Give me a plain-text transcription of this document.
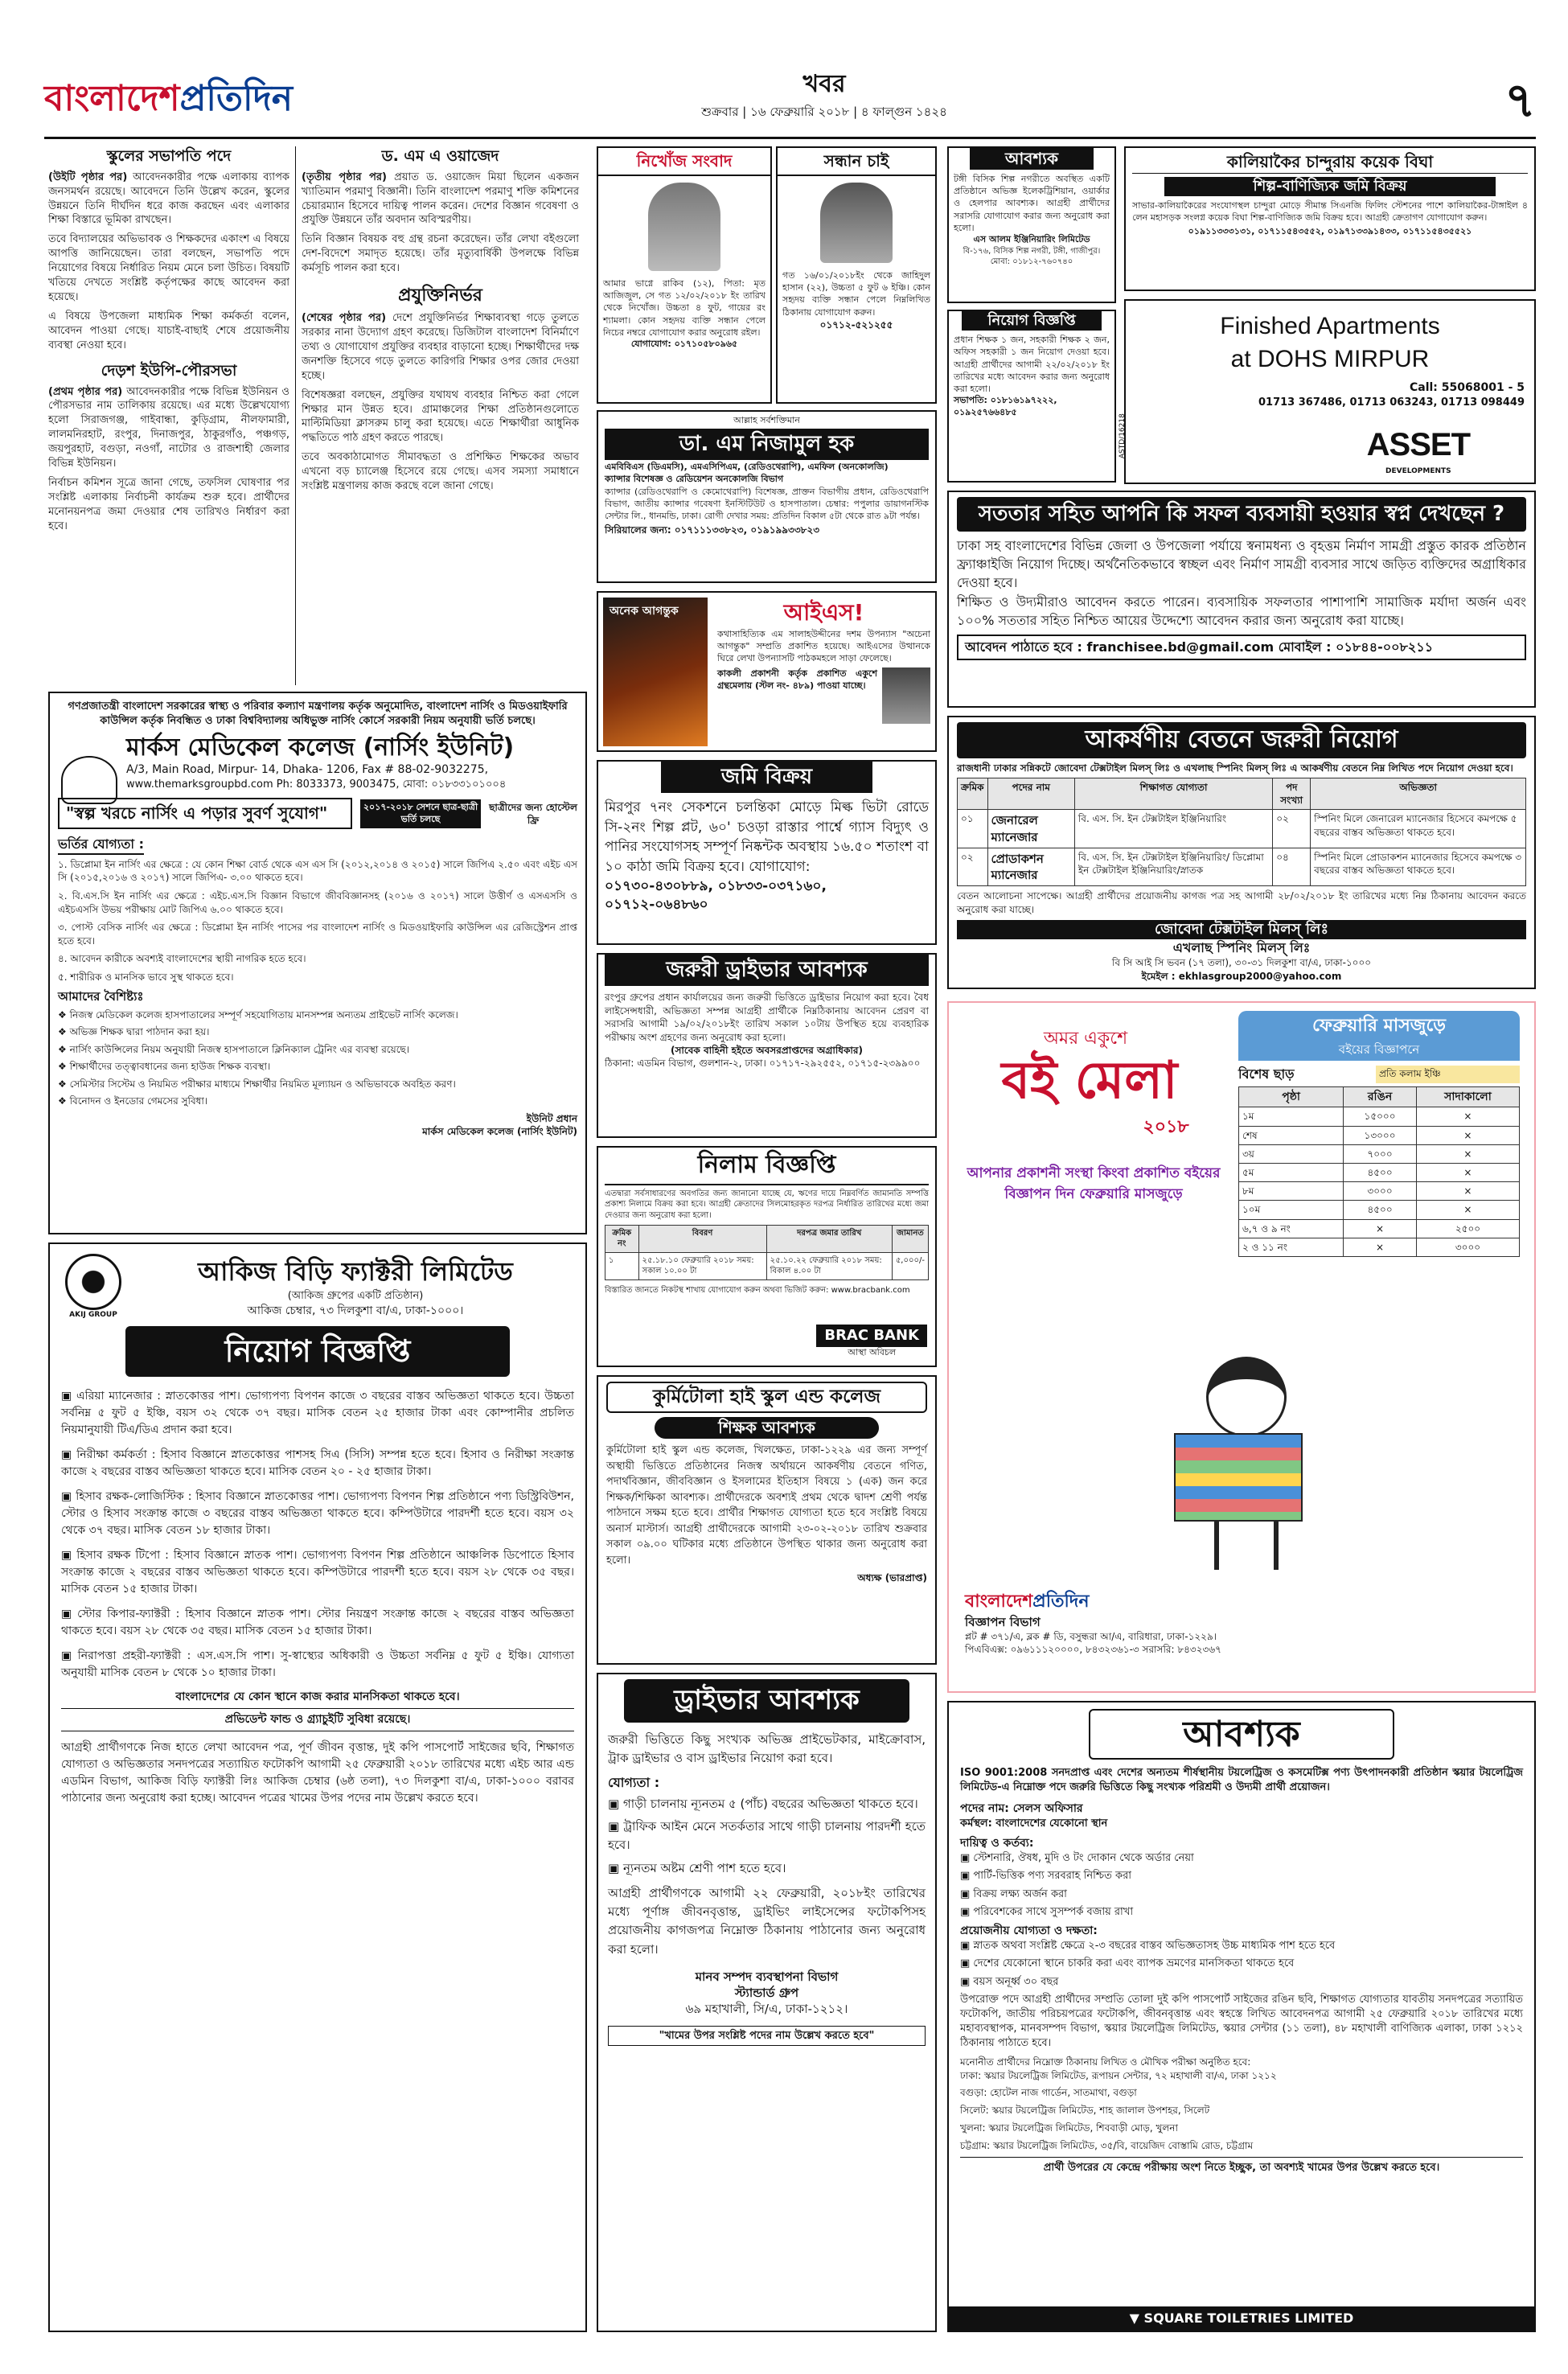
বাংলাদেশপ্রতিদিন	খবর
শুক্রবার | ১৬ ফেব্রুয়ারি ২০১৮ | ৪ ফাল্গুন ১৪২৪	৭
স্কুলের সভাপতি পদে

(উইটি পৃষ্ঠার পর) আবেদনকারীর পক্ষে এলাকায় ব্যাপক জনসমর্থন রয়েছে। আবেদনে তিনি উল্লেখ করেন, স্কুলের উন্নয়নে তিনি দীর্ঘদিন ধরে কাজ করছেন এবং এলাকার শিক্ষা বিস্তারে ভূমিকা রাখছেন।

তবে বিদ্যালয়ের অভিভাবক ও শিক্ষকদের একাংশ এ বিষয়ে আপত্তি জানিয়েছেন। তারা বলছেন, সভাপতি পদে নিয়োগের বিষয়ে নির্ধারিত নিয়ম মেনে চলা উচিত। বিষয়টি খতিয়ে দেখতে সংশ্লিষ্ট কর্তৃপক্ষের কাছে আবেদন করা হয়েছে।

এ বিষয়ে উপজেলা মাধ্যমিক শিক্ষা কর্মকর্তা বলেন, আবেদন পাওয়া গেছে। যাচাই-বাছাই শেষে প্রয়োজনীয় ব্যবস্থা নেওয়া হবে।

দেড়শ ইউপি-পৌরসভা

(প্রথম পৃষ্ঠার পর) আবেদনকারীর পক্ষে বিভিন্ন ইউনিয়ন ও পৌরসভার নাম তালিকায় রয়েছে। এর মধ্যে উল্লেখযোগ্য হলো সিরাজগঞ্জ, গাইবান্ধা, কুড়িগ্রাম, নীলফামারী, লালমনিরহাট, রংপুর, দিনাজপুর, ঠাকুরগাঁও, পঞ্চগড়, জয়পুরহাট, বগুড়া, নওগাঁ, নাটোর ও রাজশাহী জেলার বিভিন্ন ইউনিয়ন।

নির্বাচন কমিশন সূত্রে জানা গেছে, তফসিল ঘোষণার পর সংশ্লিষ্ট এলাকায় নির্বাচনী কার্যক্রম শুরু হবে। প্রার্থীদের মনোনয়নপত্র জমা দেওয়ার শেষ তারিখও নির্ধারণ করা হবে।

ড. এম এ ওয়াজেদ

(তৃতীয় পৃষ্ঠার পর) প্রয়াত ড. ওয়াজেদ মিয়া ছিলেন একজন খ্যাতিমান পরমাণু বিজ্ঞানী। তিনি বাংলাদেশ পরমাণু শক্তি কমিশনের চেয়ারম্যান হিসেবে দায়িত্ব পালন করেন। দেশের বিজ্ঞান গবেষণা ও প্রযুক্তি উন্নয়নে তাঁর অবদান অবিস্মরণীয়।

তিনি বিজ্ঞান বিষয়ক বহু গ্রন্থ রচনা করেছেন। তাঁর লেখা বইগুলো দেশ-বিদেশে সমাদৃত হয়েছে। তাঁর মৃত্যুবার্ষিকী উপলক্ষে বিভিন্ন কর্মসূচি পালন করা হবে।

প্রযুক্তিনির্ভর

(শেষের পৃষ্ঠার পর) দেশে প্রযুক্তিনির্ভর শিক্ষাব্যবস্থা গড়ে তুলতে সরকার নানা উদ্যোগ গ্রহণ করেছে। ডিজিটাল বাংলাদেশ বিনির্মাণে তথ্য ও যোগাযোগ প্রযুক্তির ব্যবহার বাড়ানো হচ্ছে। শিক্ষার্থীদের দক্ষ জনশক্তি হিসেবে গড়ে তুলতে কারিগরি শিক্ষার ওপর জোর দেওয়া হচ্ছে।

বিশেষজ্ঞরা বলছেন, প্রযুক্তির যথাযথ ব্যবহার নিশ্চিত করা গেলে শিক্ষার মান উন্নত হবে। গ্রামাঞ্চলের শিক্ষা প্রতিষ্ঠানগুলোতে মাল্টিমিডিয়া ক্লাসরুম চালু করা হয়েছে। এতে শিক্ষার্থীরা আধুনিক পদ্ধতিতে পাঠ গ্রহণ করতে পারছে।

তবে অবকাঠামোগত সীমাবদ্ধতা ও প্রশিক্ষিত শিক্ষকের অভাব এখনো বড় চ্যালেঞ্জ হিসেবে রয়ে গেছে। এসব সমস্যা সমাধানে সংশ্লিষ্ট মন্ত্রণালয় কাজ করছে বলে জানা গেছে।

গণপ্রজাতন্ত্রী বাংলাদেশ সরকারের স্বাস্থ্য ও পরিবার কল্যাণ মন্ত্রণালয় কর্তৃক অনুমোদিত, বাংলাদেশ নার্সিং ও মিডওয়াইফারি কাউন্সিল কর্তৃক নিবন্ধিত ও ঢাকা বিশ্ববিদ্যালয় অধিভুক্ত নার্সিং কোর্সে সরকারী নিয়ম অনুযায়ী ভর্তি চলছে।
মার্কস মেডিকেল কলেজ (নার্সিং ইউনিট)
A/3, Main Road, Mirpur- 14, Dhaka- 1206, Fax # 88-02-9032275,
www.themarksgroupbd.com Ph: 8033373, 9003475, মোবা: ০১৮৩৩১০১০০৪
"স্বল্প খরচে নার্সিং এ পড়ার সুবর্ণ সুযোগ"	২০১৭-২০১৮ সেশনে ছাত্র-ছাত্রী ভর্তি চলছে
ছাত্রীদের জন্য হোস্টেল ফ্রি
ভর্তির যোগ্যতা :

১. ডিপ্লোমা ইন নার্সিং এর ক্ষেত্রে : যে কোন শিক্ষা বোর্ড থেকে এস এস সি (২০১২,২০১৪ ও ২০১৫) সালে জিপিএ ২.৫০ এবং এইচ এস সি (২০১৫,২০১৬ ও ২০১৭) সালে জিপিএ- ৩.০০ থাকতে হবে।

২. বি.এস.সি ইন নার্সিং এর ক্ষেত্রে : এইচ.এস.সি বিজ্ঞান বিভাগে জীববিজ্ঞানসহ (২০১৬ ও ২০১৭) সালে উত্তীর্ণ ও এসএসসি ও এইচএসসি উভয় পরীক্ষায় মোট জিপিএ ৬.০০ থাকতে হবে।

৩. পোস্ট বেসিক নার্সিং এর ক্ষেত্রে : ডিপ্লোমা ইন নার্সিং পাসের পর বাংলাদেশ নার্সিং ও মিডওয়াইফারি কাউন্সিল এর রেজিস্ট্রেশন প্রাপ্ত হতে হবে।

৪. আবেদন কারীকে অবশ্যই বাংলাদেশের স্থায়ী নাগরিক হতে হবে।

৫. শারীরিক ও মানসিক ভাবে সুস্থ থাকতে হবে।

আমাদের বৈশিষ্ট্যঃ
❖ নিজস্ব মেডিকেল কলেজ হাসপাতালের সম্পূর্ণ সহযোগিতায় মানসম্পন্ন অন্যতম প্রাইভেট নার্সিং কলেজ।
❖ অভিজ্ঞ শিক্ষক দ্বারা পাঠদান করা হয়।
❖ নার্সিং কাউন্সিলের নিয়ম অনুযায়ী নিজস্ব হাসপাতালে ক্লিনিক্যাল ট্রেনিং এর ব্যবস্থা রয়েছে।
❖ শিক্ষার্থীদের তত্ত্বাবধানের জন্য হাউজ শিক্ষক ব্যবস্থা।
❖ সেমিস্টার সিস্টেম ও নিয়মিত পরীক্ষার মাধ্যমে শিক্ষার্থীর নিয়মিত মূল্যায়ন ও অভিভাবকে অবহিত করণ।
❖ বিনোদন ও ইনডোর গেমসের সুবিধা।
ইউনিট প্রধান
মার্কস মেডিকেল কলেজ (নার্সিং ইউনিট)
AKIJ GROUP
আকিজ বিড়ি ফ্যাক্টরী লিমিটেড
(আকিজ গ্রুপের একটি প্রতিষ্ঠান)
আকিজ চেম্বার, ৭৩ দিলকুশা বা/এ, ঢাকা-১০০০।
নিয়োগ বিজ্ঞপ্তি
▣ এরিয়া ম্যানেজার : স্নাতকোত্তর পাশ। ভোগ্যপণ্য বিপণন কাজে ৩ বছরের বাস্তব অভিজ্ঞতা থাকতে হবে। উচ্চতা সর্বনিম্ন ৫ ফুট ৫ ইঞ্চি, বয়স ৩২ থেকে ৩৭ বছর। মাসিক বেতন ২৫ হাজার টাকা এবং কোম্পানীর প্রচলিত নিয়মানুযায়ী টিএ/ডিএ প্রদান করা হবে।
▣ নিরীক্ষা কর্মকর্তা : হিসাব বিজ্ঞানে স্নাতকোত্তর পাশসহ সিএ (সিসি) সম্পন্ন হতে হবে। হিসাব ও নিরীক্ষা সংক্রান্ত কাজে ২ বছরের বাস্তব অভিজ্ঞতা থাকতে হবে। মাসিক বেতন ২০ - ২৫ হাজার টাকা।
▣ হিসাব রক্ষক-লোজিস্টিক : হিসাব বিজ্ঞানে স্নাতকোত্তর পাশ। ভোগ্যপণ্য বিপণন শিল্প প্রতিষ্ঠানে পণ্য ডিস্ট্রিবিউশন, স্টোর ও হিসাব সংক্রান্ত কাজে ৩ বছরের বাস্তব অভিজ্ঞতা থাকতে হবে। কম্পিউটারে পারদর্শী হতে হবে। বয়স ৩২ থেকে ৩৭ বছর। মাসিক বেতন ১৮ হাজার টাকা।
▣ হিসাব রক্ষক টিপো : হিসাব বিজ্ঞানে স্নাতক পাশ। ভোগ্যপণ্য বিপণন শিল্প প্রতিষ্ঠানে আঞ্চলিক ডিপোতে হিসাব সংক্রান্ত কাজে ২ বছরের বাস্তব অভিজ্ঞতা থাকতে হবে। কম্পিউটারে পারদর্শী হতে হবে। বয়স ২৮ থেকে ৩৫ বছর। মাসিক বেতন ১৫ হাজার টাকা।
▣ স্টোর কিপার-ফ্যাক্টরী : হিসাব বিজ্ঞানে স্নাতক পাশ। স্টোর নিয়ন্ত্রণ সংক্রান্ত কাজে ২ বছরের বাস্তব অভিজ্ঞতা থাকতে হবে। বয়স ২৮ থেকে ৩৫ বছর। মাসিক বেতন ১৫ হাজার টাকা।
▣ নিরাপত্তা প্রহরী-ফ্যাক্টরী : এস.এস.সি পাশ। সু-স্বাস্থ্যের অধিকারী ও উচ্চতা সর্বনিম্ন ৫ ফুট ৫ ইঞ্চি। যোগ্যতা অনুযায়ী মাসিক বেতন ৮ থেকে ১০ হাজার টাকা।
বাংলাদেশের যে কোন স্থানে কাজ করার মানসিকতা থাকতে হবে।
প্রভিডেন্ট ফান্ড ও গ্র্যাচুইটি সুবিধা রয়েছে।
আগ্রহী প্রার্থীগণকে নিজ হাতে লেখা আবেদন পত্র, পূর্ণ জীবন বৃত্তান্ত, দুই কপি পাসপোর্ট সাইজের ছবি, শিক্ষাগত যোগ্যতা ও অভিজ্ঞতার সনদপত্রের সত্যায়িত ফটোকপি আগামী ২৫ ফেব্রুয়ারী ২০১৮ তারিখের মধ্যে এইচ আর এন্ড এডমিন বিভাগ, আকিজ বিড়ি ফ্যাক্টরী লিঃ আকিজ চেম্বার (৬ষ্ঠ তলা), ৭৩ দিলকুশা বা/এ, ঢাকা-১০০০ বরাবর পাঠানোর জন্য অনুরোধ করা হচ্ছে। আবেদন পত্রের খামের উপর পদের নাম উল্লেখ করতে হবে।
নিখোঁজ সংবাদ
আমার ভাগ্নে রাকিব (১২), পিতা: মৃত আজিজুল, সে গত ১২/০২/২০১৮ ইং তারিখ থেকে নিখোঁজ। উচ্চতা ৪ ফুট, গায়ের রং শ্যামলা। কোন সহৃদয় ব্যক্তি সন্ধান পেলে নিচের নম্বরে যোগাযোগ করার অনুরোধ রইল।
যোগাযোগ: ০১৭১০৫৮০৯৬৫
সন্ধান চাই
গত ১৬/০১/২০১৮ইং থেকে জাহিদুল হাসান (২২), উচ্চতা ৫ ফুট ৬ ইঞ্চি। কোন সহৃদয় ব্যক্তি সন্ধান পেলে নিম্নলিখিত ঠিকানায় যোগাযোগ করুন।
০১৭১২-৫২১২৫৫
আল্লাহ সর্বশক্তিমান
ডা. এম নিজামুল হক
এমবিবিএস (ডিএমসি), এমএসিপিএম, (রেডিওথেরাপি), এমফিল (অনকোলজি)
ক্যান্সার বিশেষজ্ঞ ও রেডিয়েশন অনকোলজি বিভাগ
ক্যান্সার (রেডিওথেরাপি ও কেমোথেরাপি) বিশেষজ্ঞ, প্রাক্তন বিভাগীয় প্রধান, রেডিওথেরাপি বিভাগ, জাতীয় ক্যান্সার গবেষণা ইনস্টিটিউট ও হাসপাতাল। চেম্বার: পপুলার ডায়াগনস্টিক সেন্টার লি., ধানমন্ডি, ঢাকা। রোগী দেখার সময়: প্রতিদিন বিকাল ৫টা থেকে রাত ৯টা পর্যন্ত।
সিরিয়ালের জন্য: ০১৭১১১৩৩৮২৩, ০১৯১৯৯৩৩৮২৩
অনেক আগন্তুক	আইএস!
কথাসাহিত্যিক এম সালাহউদ্দীনের দশম উপন্যাস "অচেনা আগন্তুক" সম্প্রতি প্রকাশিত হয়েছে। আইএসের উত্থানকে ঘিরে লেখা উপন্যাসটি পাঠকমহলে সাড়া ফেলেছে।
কাকলী প্রকাশনী কর্তৃক প্রকাশিত একুশে গ্রন্থমেলায় (স্টল নং- ৪৮৯) পাওয়া যাচ্ছে।
জমি বিক্রয়
মিরপুর ৭নং সেকশনে চলন্তিকা মোড়ে মিল্ক ভিটা রোডে সি-২নং শিল্প প্লট, ৬০' চওড়া রাস্তার পার্শ্বে গ্যাস বিদ্যুৎ ও পানির সংযোগসহ সম্পূর্ণ নিষ্কন্টক অবস্থায় ১৬.৫০ শতাংশ বা ১০ কাঠা জমি বিক্রয় হবে। যোগাযোগ:
০১৭৩০-৪৩০৮৮৯, ০১৮৩৩-০৩৭১৬০, ০১৭১২-০৬৪৮৬০
জরুরী ড্রাইভার আবশ্যক
রংপুর গ্রুপের প্রধান কার্যালয়ের জন্য জরুরী ভিত্তিতে ড্রাইভার নিয়োগ করা হবে। বৈধ লাইসেন্সধারী, অভিজ্ঞতা সম্পন্ন আগ্রহী প্রার্থীকে নিম্নঠিকানায় আবেদন প্রেরণ বা সরাসরি আগামী ১৯/০২/২০১৮ইং তারিখ সকাল ১০টায় উপস্থিত হয়ে ব্যবহারিক পরীক্ষায় অংশ গ্রহণের জন্য অনুরোধ করা হলো।
(সাবেক বাহিনী হইতে অবসরপ্রাপ্তদের অগ্রাধিকার)
ঠিকানা: এডমিন বিভাগ, গুলশান-২, ঢাকা। ০১৭১৭-২৯২৫৫২, ০১৭১৫-২৩৯৯০০
নিলাম বিজ্ঞপ্তি
এতদ্বারা সর্বসাধারণের অবগতির জন্য জানানো যাচ্ছে যে, ঋণের দায়ে নিম্নবর্ণিত জামানতি সম্পত্তি প্রকাশ্য নিলামে বিক্রয় করা হবে। আগ্রহী ক্রেতাদের সিলমোহরকৃত দরপত্র নির্ধারিত তারিখের মধ্যে জমা দেওয়ার জন্য অনুরোধ করা হলো।
ক্রমিক নং	বিবরণ	দরপত্র জমার তারিখ	জামানত
১	২৫.১৮.১০ ফেব্রুয়ারি ২০১৮ সময়: সকাল ১০.০০ টা	২৫.১০.২২ ফেব্রুয়ারি ২০১৮ সময়: বিকাল ৪.০০ টা	৫,০০০/-
বিস্তারিত জানতে নিকটস্থ শাখায় যোগাযোগ করুন অথবা ভিজিট করুন: www.bracbank.com
BRAC BANK
আস্থা অবিচল
কুর্মিটোলা হাই স্কুল এন্ড কলেজ
শিক্ষক আবশ্যক
কুর্মিটোলা হাই স্কুল এন্ড কলেজ, খিলক্ষেত, ঢাকা-১২২৯ এর জন্য সম্পূর্ণ অস্থায়ী ভিত্তিতে প্রতিষ্ঠানের নিজস্ব অর্থায়নে আকর্ষণীয় বেতনে গণিত, পদার্থবিজ্ঞান, জীববিজ্ঞান ও ইসলামের ইতিহাস বিষয়ে ১ (এক) জন করে শিক্ষক/শিক্ষিকা আবশ্যক। প্রার্থীদেরকে অবশ্যই প্রথম থেকে দ্বাদশ শ্রেণী পর্যন্ত পাঠদানে সক্ষম হতে হবে। প্রার্থীর শিক্ষাগত যোগ্যতা হতে হবে সংশ্লিষ্ট বিষয়ে অনার্স মাস্টার্স। আগ্রহী প্রার্থীদেরকে আগামী ২৩-০২-২০১৮ তারিখ শুক্রবার সকাল ০৯.০০ ঘটিকার মধ্যে প্রতিষ্ঠানে উপস্থিত থাকার জন্য অনুরোধ করা হলো।
অধ্যক্ষ (ভারপ্রাপ্ত)
ড্রাইভার আবশ্যক
জরুরী ভিত্তিতে কিছু সংখ্যক অভিজ্ঞ প্রাইভেটকার, মাইক্রোবাস, ট্রাক ড্রাইভার ও বাস ড্রাইভার নিয়োগ করা হবে।
যোগ্যতা :
▣ গাড়ী চালনায় ন্যূনতম ৫ (পাঁচ) বছরের অভিজ্ঞতা থাকতে হবে।
▣ ট্রাফিক আইন মেনে সতর্কতার সাথে গাড়ী চালনায় পারদর্শী হতে হবে।
▣ ন্যূনতম অষ্টম শ্রেণী পাশ হতে হবে।
আগ্রহী প্রার্থীগণকে আগামী ২২ ফেব্রুয়ারী, ২০১৮ইং তারিখের মধ্যে পূর্ণাঙ্গ জীবনবৃত্তান্ত, ড্রাইভিং লাইসেন্সের ফটোকপিসহ প্রয়োজনীয় কাগজপত্র নিম্নোক্ত ঠিকানায় পাঠানোর জন্য অনুরোধ করা হলো।
মানব সম্পদ ব্যবস্থাপনা বিভাগ
স্ট্যান্ডার্ড গ্রুপ
৬৯ মহাখালী, সি/এ, ঢাকা-১২১২।
"খামের উপর সংশ্লিষ্ট পদের নাম উল্লেখ করতে হবে"
আবশ্যক
টঙ্গী বিসিক শিল্প নগরীতে অবস্থিত একটি প্রতিষ্ঠানে অভিজ্ঞ ইলেকট্রিশিয়ান, ওয়ার্কার ও হেলপার আবশ্যক। আগ্রহী প্রার্থীদের সরাসরি যোগাযোগ করার জন্য অনুরোধ করা হলো।
এস আলম ইঞ্জিনিয়ারিং লিমিটেড
বি-১৭৬, বিসিক শিল্প নগরী, টঙ্গী, গাজীপুর। মোবা: ০১৮১২-৭৬০৭৪০
নিয়োগ বিজ্ঞপ্তি
প্রধান শিক্ষক ১ জন, সহকারী শিক্ষক ২ জন, অফিস সহকারী ১ জন নিয়োগ দেওয়া হবে। আগ্রহী প্রার্থীদের আগামী ২২/০২/২০১৮ ইং তারিখের মধ্যে আবেদন করার জন্য অনুরোধ করা হলো।
সভাপতি: ০১৮১৬১৯৭২২২, ০১৯২৫৭৬৬৪৮৫
কালিয়াকৈর চান্দুরায় কয়েক বিঘা
শিল্প-বাণিজ্যিক জমি বিক্রয়
সাভার-কালিয়াকৈরের সংযোগস্থল চান্দুরা মোড়ে সীমান্ত সিএনজি ফিলিং স্টেশনের পাশে কালিয়াকৈর-টাঙ্গাইল ৪ লেন মহাসড়ক সংলগ্ন কয়েক বিঘা শিল্প-বাণিজ্যিক জমি বিক্রয় হবে। আগ্রহী ক্রেতাগণ যোগাযোগ করুন।
০১৯১১৩৩৩১৩১, ০১৭১১৫৪৩৫৫২, ০১৯৭১৩৩৯১৪৩৩, ০১৭১১৫৪৩৫৫২১
Finished Apartments
at DOHS MIRPUR
Call: 55068001 - 5
01713 367486, 01713 063243, 01713 098449
ASSET
DEVELOPMENTS
ASTD/16218
সততার সহিত আপনি কি সফল ব্যবসায়ী হওয়ার স্বপ্ন দেখছেন ?
ঢাকা সহ বাংলাদেশের বিভিন্ন জেলা ও উপজেলা পর্যায়ে স্বনামধন্য ও বৃহত্তম নির্মাণ সামগ্রী প্রস্তুত কারক প্রতিষ্ঠান ফ্র্যাঞ্চাইজি নিয়োগ দিচ্ছে। অর্থনৈতিকভাবে স্বচ্ছল এবং নির্মাণ সামগ্রী ব্যবসার সাথে জড়িত ব্যক্তিদের অগ্রাধিকার দেওয়া হবে।
শিক্ষিত ও উদ্যমীরাও আবেদন করতে পারেন। ব্যবসায়িক সফলতার পাশাপাশি সামাজিক মর্যাদা অর্জন এবং ১০০% সততার সহিত নিশ্চিত আয়ের উদ্দেশ্যে আবেদন করার জন্য অনুরোধ করা যাচ্ছে।
আবেদন পাঠাতে হবে : franchisee.bd@gmail.com মোবাইল : ০১৮৪৪-০০৮২১১
আকর্ষণীয় বেতনে জরুরী নিয়োগ
রাজধানী ঢাকার সন্নিকটে জোবেদা টেক্সটাইল মিলস্ লিঃ ও এখলাছ স্পিনিং মিলস্ লিঃ এ আকর্ষণীয় বেতনে নিম্ন লিখিত পদে নিয়োগ দেওয়া হবে।
ক্রমিক	পদের নাম	শিক্ষাগত যোগ্যতা	পদ সংখ্যা	অভিজ্ঞতা
০১	জেনারেল ম্যানেজার	বি. এস. সি. ইন টেক্সটাইল ইঞ্জিনিয়ারিং	০২	স্পিনিং মিলে জেনারেল ম্যানেজার হিসেবে কমপক্ষে ৫ বছরের বাস্তব অভিজ্ঞতা থাকতে হবে।
০২	প্রোডাকশন ম্যানেজার	বি. এস. সি. ইন টেক্সটাইল ইঞ্জিনিয়ারিং/ ডিপ্লোমা ইন টেক্সটাইল ইঞ্জিনিয়ারিং/স্নাতক	০৪	স্পিনিং মিলে প্রোডাকশন ম্যানেজার হিসেবে কমপক্ষে ৩ বছরের বাস্তব অভিজ্ঞতা থাকতে হবে।
বেতন আলোচনা সাপেক্ষে। আগ্রহী প্রার্থীদের প্রয়োজনীয় কাগজ পত্র সহ আগামী ২৮/০২/২০১৮ ইং তারিখের মধ্যে নিম্ন ঠিকানায় আবেদন করতে অনুরোধ করা যাচ্ছে।
জোবেদা টেক্সটাইল মিলস্ লিঃ
এখলাছ স্পিনিং মিলস্ লিঃ
বি সি আই সি ভবন (১৭ তলা), ৩০-৩১ দিলকুশা বা/এ, ঢাকা-১০০০
ইমেইল : ekhlasgroup2000@yahoo.com
অমর একুশে
বই মেলা
২০১৮
আপনার প্রকাশনী সংস্থা কিংবা প্রকাশিত বইয়ের বিজ্ঞাপন দিন ফেব্রুয়ারি মাসজুড়ে
ফেব্রুয়ারি মাসজুড়ে
বইয়ের বিজ্ঞাপনে
বিশেষ ছাড়	প্রতি কলাম ইঞ্চি
পৃষ্ঠা	রঙিন	সাদাকালো
১ম	১৫০০০	×
শেষ	১৩০০০	×
৩য়	৭০০০	×
৫ম	৪৫০০	×
৮ম	৩০০০	×
১০ম	৪৫০০	×
৬,৭ ও ৯ নং	×	২৫০০
২ ও ১১ নং	×	৩০০০
বাংলাদেশপ্রতিদিন
বিজ্ঞাপন বিভাগ
প্লট # ৩৭১/এ, ব্লক # ডি, বসুন্ধরা আ/এ, বারিধারা, ঢাকা-১২২৯।
পিএবিএক্স: ০৯৬১১১২০০০০, ৮৪৩২৩৬১-৩ সরাসরি: ৮৪৩২৩৬৭
আবশ্যক
ISO 9001:2008 সনদপ্রাপ্ত এবং দেশের অন্যতম শীর্ষস্থানীয় টয়লেট্রিজ ও কসমেটিক্স পণ্য উৎপাদনকারী প্রতিষ্ঠান স্কয়ার টয়লেট্রিজ লিমিটেড-এ নিম্নোক্ত পদে জরুরি ভিত্তিতে কিছু সংখ্যক পরিশ্রমী ও উদ্যমী প্রার্থী প্রয়োজন।
পদের নাম: সেলস অফিসার
কর্মস্থল: বাংলাদেশের যেকোনো স্থান
দায়িত্ব ও কর্তব্য:
▣ স্টেশনারি, ঔষধ, মুদি ও টং দোকান থেকে অর্ডার নেয়া
▣ পার্টি-ভিত্তিক পণ্য সরবরাহ নিশ্চিত করা
▣ বিক্রয় লক্ষ্য অর্জন করা
▣ পরিবেশকের সাথে সুসম্পর্ক বজায় রাখা
প্রয়োজনীয় যোগ্যতা ও দক্ষতা:
▣ স্নাতক অথবা সংশ্লিষ্ট ক্ষেত্রে ২-৩ বছরের বাস্তব অভিজ্ঞতাসহ উচ্চ মাধ্যমিক পাশ হতে হবে
▣ দেশের যেকোনো স্থানে চাকরি করা এবং ব্যাপক ভ্রমণের মানসিকতা থাকতে হবে
▣ বয়স অনূর্ধ্ব ৩০ বছর
উপরোক্ত পদে আগ্রহী প্রার্থীদের সম্প্রতি তোলা দুই কপি পাসপোর্ট সাইজের রঙিন ছবি, শিক্ষাগত যোগ্যতার যাবতীয় সনদপত্রের সত্যায়িত ফটোকপি, জাতীয় পরিচয়পত্রের ফটোকপি, জীবনবৃত্তান্ত এবং স্বহস্তে লিখিত আবেদনপত্র আগামী ২৫ ফেব্রুয়ারি ২০১৮ তারিখের মধ্যে মহাব্যবস্থাপক, মানবসম্পদ বিভাগ, স্কয়ার টয়লেট্রিজ লিমিটেড, স্কয়ার সেন্টার (১১ তলা), ৪৮ মহাখালী বাণিজ্যিক এলাকা, ঢাকা ১২১২ ঠিকানায় পাঠাতে হবে।
মনোনীত প্রার্থীদের নিম্নোক্ত ঠিকানায় লিখিত ও মৌখিক পরীক্ষা অনুষ্ঠিত হবে:
ঢাকা: স্কয়ার টয়লেট্রিজ লিমিটেড, রূপায়ন সেন্টার, ৭২ মহাখালী বা/এ, ঢাকা ১২১২
বগুড়া: হোটেল নাজ গার্ডেন, সাতমাথা, বগুড়া
সিলেট: স্কয়ার টয়লেট্রিজ লিমিটেড, শাহ জালাল উপশহর, সিলেট
খুলনা: স্কয়ার টয়লেট্রিজ লিমিটেড, শিববাড়ী মোড়, খুলনা
চট্টগ্রাম: স্কয়ার টয়লেট্রিজ লিমিটেড, ৩৫/বি, বায়েজিদ বোস্তামি রোড, চট্টগ্রাম
প্রার্থী উপরের যে কেন্দ্রে পরীক্ষায় অংশ নিতে ইচ্ছুক, তা অবশ্যই খামের উপর উল্লেখ করতে হবে।
▼ SQUARE TOILETRIES LIMITED
